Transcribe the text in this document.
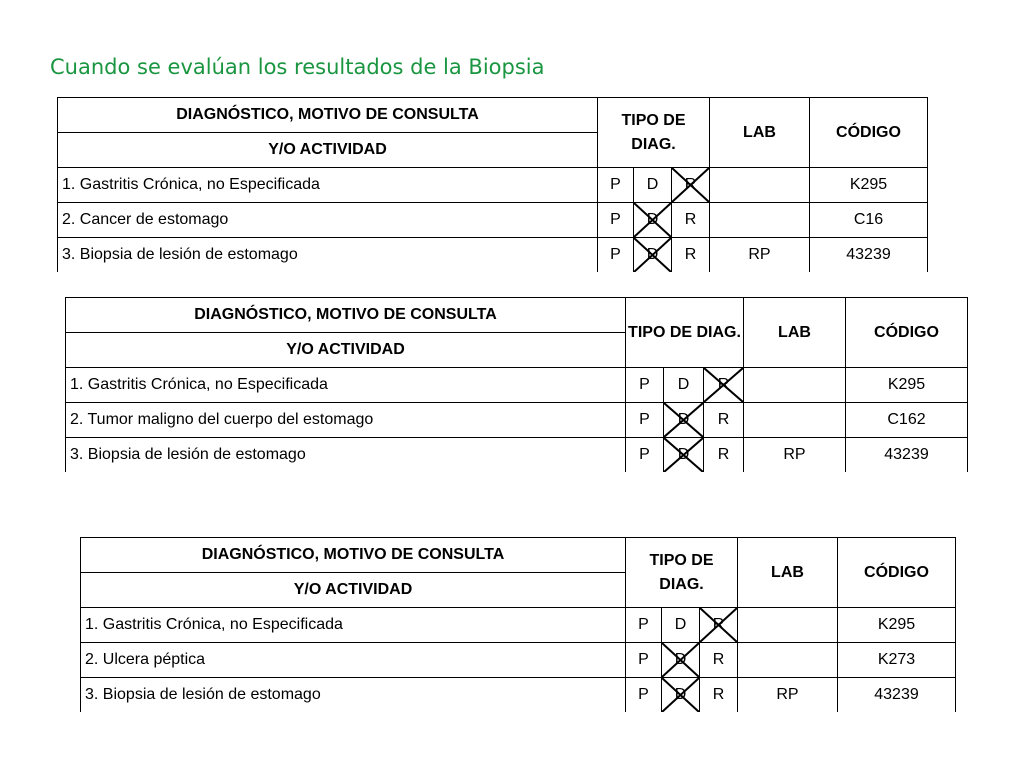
Cuando se evalúan los resultados de la Biopsia
DIAGNÓSTICO, MOTIVO DE CONSULTA	TIPO DE DIAG.			LAB	CÓDIGO
Y/O ACTIVIDAD					
1. Gastritis Crónica, no Especificada	P	D	R		K295
2. Cancer de estomago	P	D	R		C16
3. Biopsia de lesión de estomago	P	D	R	RP	43239
DIAGNÓSTICO, MOTIVO DE CONSULTA	TIPO DE DIAG.			LAB	CÓDIGO
Y/O ACTIVIDAD					
1. Gastritis Crónica, no Especificada	P	D	R		K295
2. Tumor maligno del cuerpo del estomago	P	D	R		C162
3. Biopsia de lesión de estomago	P	D	R	RP	43239
DIAGNÓSTICO, MOTIVO DE CONSULTA	TIPO DE DIAG.			LAB	CÓDIGO
Y/O ACTIVIDAD					
1. Gastritis Crónica, no Especificada	P	D	R		K295
2. Ulcera péptica	P	D	R		K273
3. Biopsia de lesión de estomago	P	D	R	RP	43239
